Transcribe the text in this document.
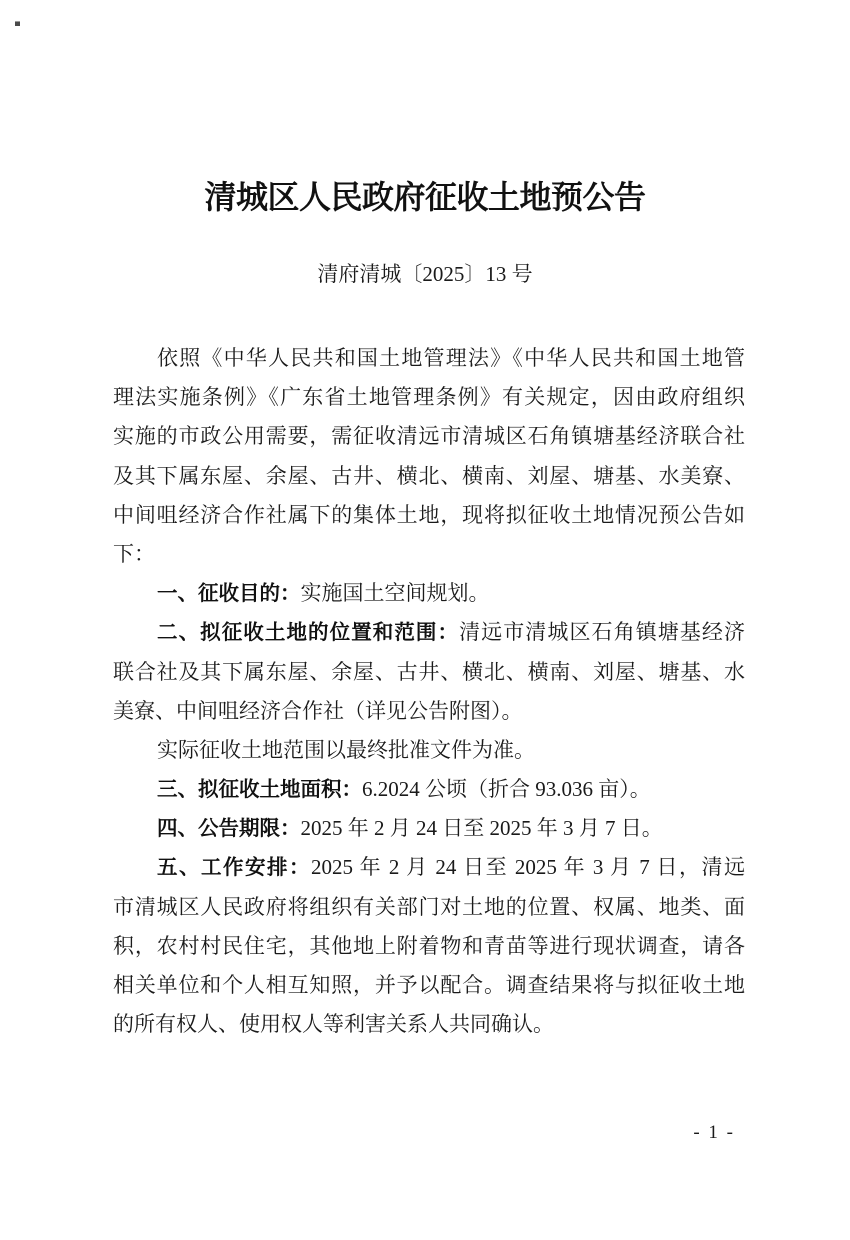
清城区人民政府征收土地预公告
清府清城〔2025〕13 号
依照《中华人民共和国土地管理法》《中华人民共和国土地管
理法实施条例》《广东省土地管理条例》有关规定，因由政府组织
实施的市政公用需要，需征收清远市清城区石角镇塘基经济联合社
及其下属东屋、余屋、古井、横北、横南、刘屋、塘基、水美寮、
中间咀经济合作社属下的集体土地，现将拟征收土地情况预公告如
下：
一、征收目的：实施国土空间规划。
二、拟征收土地的位置和范围：清远市清城区石角镇塘基经济
联合社及其下属东屋、余屋、古井、横北、横南、刘屋、塘基、水
美寮、中间咀经济合作社（详见公告附图）。
实际征收土地范围以最终批准文件为准。
三、拟征收土地面积：6.2024 公顷（折合 93.036 亩）。
四、公告期限：2025 年 2 月 24 日至 2025 年 3 月 7 日。
五、工作安排：2025 年 2 月 24 日至 2025 年 3 月 7 日，清远
市清城区人民政府将组织有关部门对土地的位置、权属、地类、面
积，农村村民住宅，其他地上附着物和青苗等进行现状调查，请各
相关单位和个人相互知照，并予以配合。调查结果将与拟征收土地
的所有权人、使用权人等利害关系人共同确认。
- 1 -
